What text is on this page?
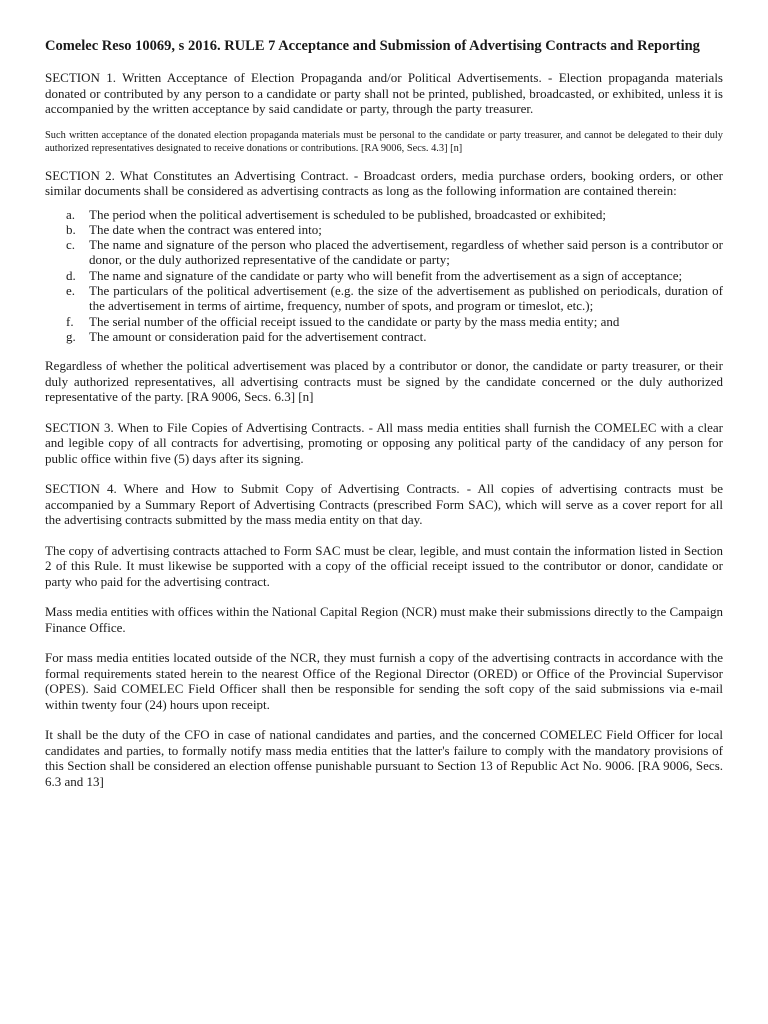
Comelec Reso 10069, s 2016. RULE 7 Acceptance and Submission of Advertising Contracts and Reporting
SECTION 1. Written Acceptance of Election Propaganda and/or Political Advertisements. - Election propaganda materials donated or contributed by any person to a candidate or party shall not be printed, published, broadcasted, or exhibited, unless it is accompanied by the written acceptance by said candidate or party, through the party treasurer.
Such written acceptance of the donated election propaganda materials must be personal to the candidate or party treasurer, and cannot be delegated to their duly authorized representatives designated to receive donations or contributions. [RA 9006, Secs. 4.3] [n]
SECTION 2. What Constitutes an Advertising Contract. - Broadcast orders, media purchase orders, booking orders, or other similar documents shall be considered as advertising contracts as long as the following information are contained therein:
a.	The period when the political advertisement is scheduled to be published, broadcasted or exhibited;
b.	The date when the contract was entered into;
c.	The name and signature of the person who placed the advertisement, regardless of whether said person is a contributor or donor, or the duly authorized representative of the candidate or party;
d.	The name and signature of the candidate or party who will benefit from the advertisement as a sign of acceptance;
e.	The particulars of the political advertisement (e.g. the size of the advertisement as published on periodicals, duration of the advertisement in terms of airtime, frequency, number of spots, and program or timeslot, etc.);
f.	The serial number of the official receipt issued to the candidate or party by the mass media entity; and
g.	The amount or consideration paid for the advertisement contract.
Regardless of whether the political advertisement was placed by a contributor or donor, the candidate or party treasurer, or their duly authorized representatives, all advertising contracts must be signed by the candidate concerned or the duly authorized representative of the party. [RA 9006, Secs. 6.3] [n]
SECTION 3. When to File Copies of Advertising Contracts. - All mass media entities shall furnish the COMELEC with a clear and legible copy of all contracts for advertising, promoting or opposing any political party of the candidacy of any person for public office within five (5) days after its signing.
SECTION 4. Where and How to Submit Copy of Advertising Contracts. - All copies of advertising contracts must be accompanied by a Summary Report of Advertising Contracts (prescribed Form SAC), which will serve as a cover report for all the advertising contracts submitted by the mass media entity on that day.
The copy of advertising contracts attached to Form SAC must be clear, legible, and must contain the information listed in Section 2 of this Rule. It must likewise be supported with a copy of the official receipt issued to the contributor or donor, candidate or party who paid for the advertising contract.
Mass media entities with offices within the National Capital Region (NCR) must make their submissions directly to the Campaign Finance Office.
For mass media entities located outside of the NCR, they must furnish a copy of the advertising contracts in accordance with the formal requirements stated herein to the nearest Office of the Regional Director (ORED) or Office of the Provincial Supervisor (OPES). Said COMELEC Field Officer shall then be responsible for sending the soft copy of the said submissions via e-mail within twenty four (24) hours upon receipt.
It shall be the duty of the CFO in case of national candidates and parties, and the concerned COMELEC Field Officer for local candidates and parties, to formally notify mass media entities that the latter's failure to comply with the mandatory provisions of this Section shall be considered an election offense punishable pursuant to Section 13 of Republic Act No. 9006. [RA 9006, Secs. 6.3 and 13]
